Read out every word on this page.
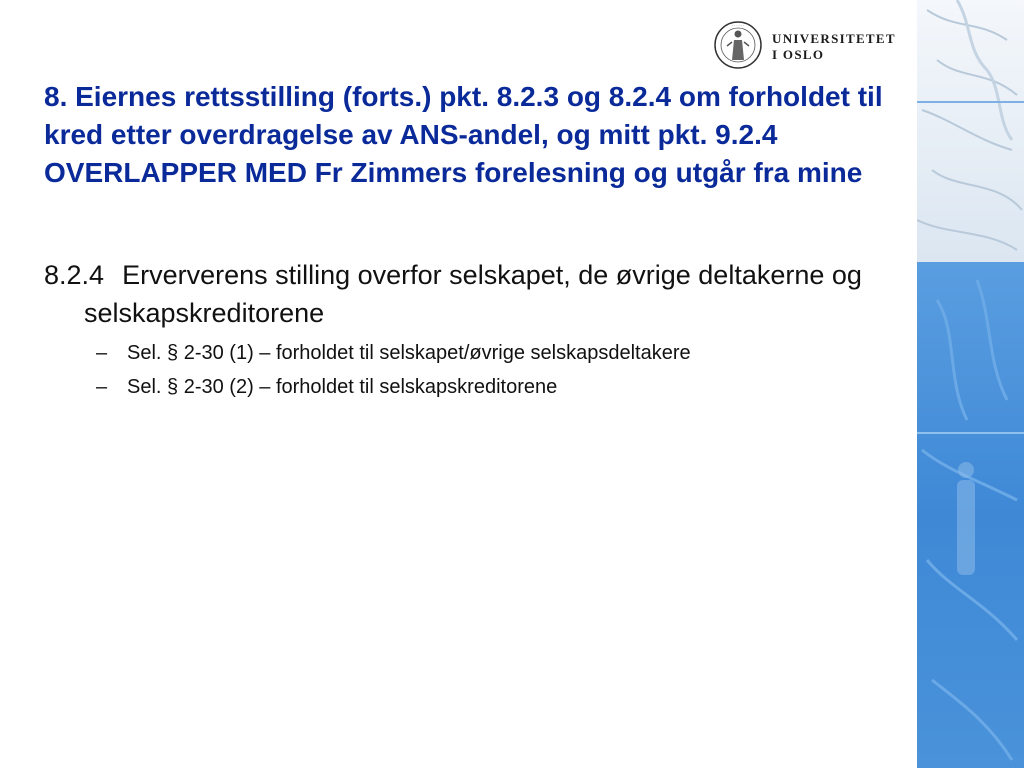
· · · · · ·
UNIVERSITETET
I OSLO
8. Eiernes rettsstilling (forts.) pkt. 8.2.3 og 8.2.4 om forholdet til kred etter overdragelse av ANS-andel, og mitt pkt. 9.2.4 OVERLAPPER MED Fr Zimmers forelesning og utgår fra mine
8.2.4 Erververens stilling overfor selskapet, de øvrige deltakerne og selskapskreditorene
– Sel. § 2-30 (1) – forholdet til selskapet/øvrige selskapsdeltakere
– Sel. § 2-30 (2) – forholdet til selskapskreditorene
